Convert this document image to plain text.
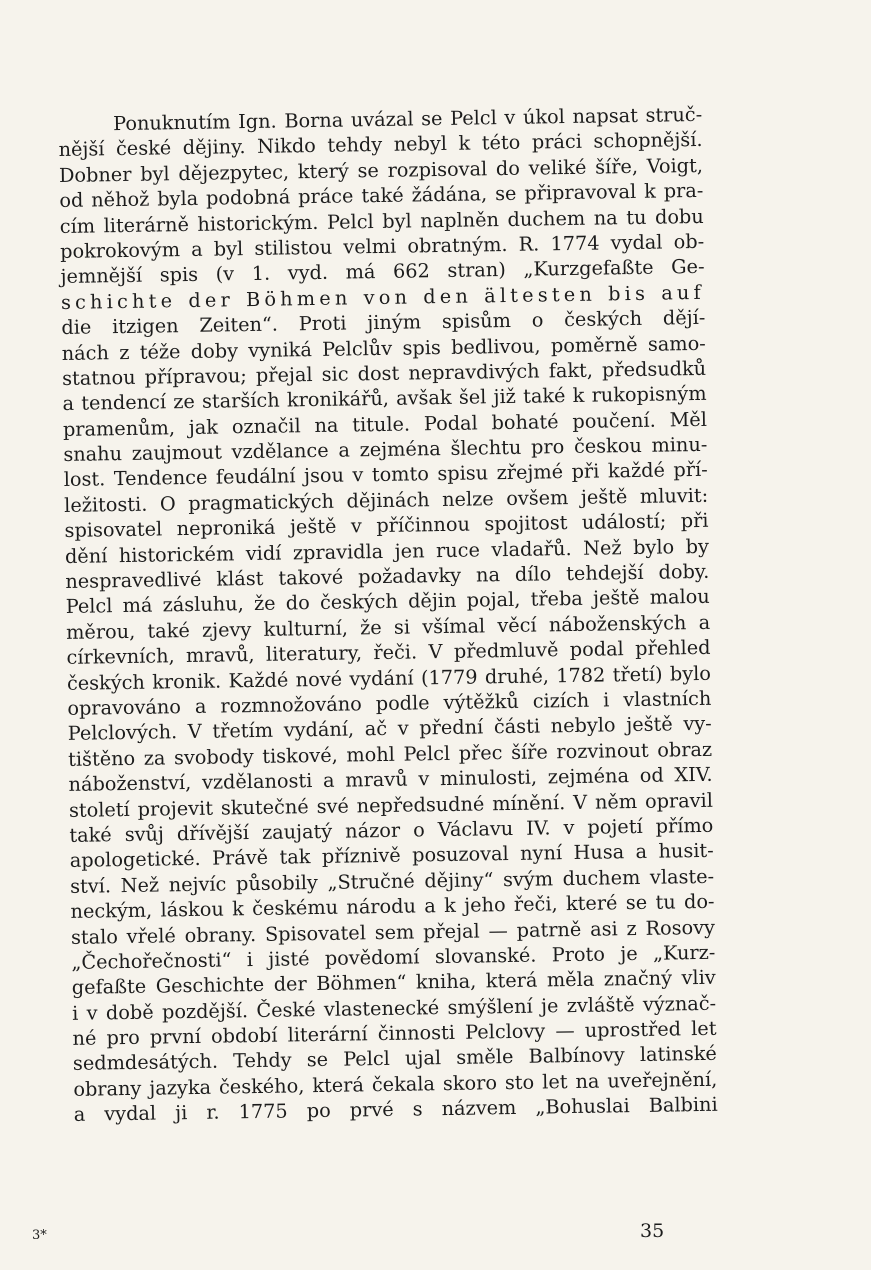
Ponuknutím Ign. Borna uvázal se Pelcl v úkol napsat struč-
nější české dějiny. Nikdo tehdy nebyl k této práci schopnější.
Dobner byl dějezpytec, který se rozpisoval do veliké šíře, Voigt,
od něhož byla podobná práce také žádána, se připravoval k pra-
cím literárně historickým. Pelcl byl naplněn duchem na tu dobu
pokrokovým a byl stilistou velmi obratným. R. 1774 vydal ob-
jemnější spis (v 1. vyd. má 662 stran) „Kurzgefaßte Ge-
schichte der Böhmen von den ältesten bis auf
die itzigen Zeiten“. Proti jiným spisům o českých dějí-
nách z téže doby vyniká Pelclův spis bedlivou, poměrně samo-
statnou přípravou; přejal sic dost nepravdivých fakt, předsudků
a tendencí ze starších kronikářů, avšak šel již také k rukopisným
pramenům, jak označil na titule. Podal bohaté poučení. Měl
snahu zaujmout vzdělance a zejména šlechtu pro českou minu-
lost. Tendence feudální jsou v tomto spisu zřejmé při každé pří-
ležitosti. O pragmatických dějinách nelze ovšem ještě mluvit:
spisovatel neproniká ještě v příčinnou spojitost událostí; při
dění historickém vidí zpravidla jen ruce vladařů. Než bylo by
nespravedlivé klást takové požadavky na dílo tehdejší doby.
Pelcl má zásluhu, že do českých dějin pojal, třeba ještě malou
měrou, také zjevy kulturní, že si všímal věcí náboženských a
církevních, mravů, literatury, řeči. V předmluvě podal přehled
českých kronik. Každé nové vydání (1779 druhé, 1782 třetí) bylo
opravováno a rozmnožováno podle výtěžků cizích i vlastních
Pelclových. V třetím vydání, ač v přední části nebylo ještě vy-
tištěno za svobody tiskové, mohl Pelcl přec šíře rozvinout obraz
náboženství, vzdělanosti a mravů v minulosti, zejména od XIV.
století projevit skutečné své nepředsudné mínění. V něm opravil
také svůj dřívější zaujatý názor o Václavu IV. v pojetí přímo
apologetické. Právě tak příznivě posuzoval nyní Husa a husit-
ství. Než nejvíc působily „Stručné dějiny“ svým duchem vlaste-
neckým, láskou k českému národu a k jeho řeči, které se tu do-
stalo vřelé obrany. Spisovatel sem přejal — patrně asi z Rosovy
„Čechořečnosti“ i jisté povědomí slovanské. Proto je „Kurz-
gefaßte Geschichte der Böhmen“ kniha, která měla značný vliv
i v době pozdější. České vlastenecké smýšlení je zvláště význač-
né pro první období literární činnosti Pelclovy — uprostřed let
sedmdesátých. Tehdy se Pelcl ujal směle Balbínovy latinské
obrany jazyka českého, která čekala skoro sto let na uveřejnění,
a vydal ji r. 1775 po prvé s názvem „Bohuslai Balbini
3*	35
